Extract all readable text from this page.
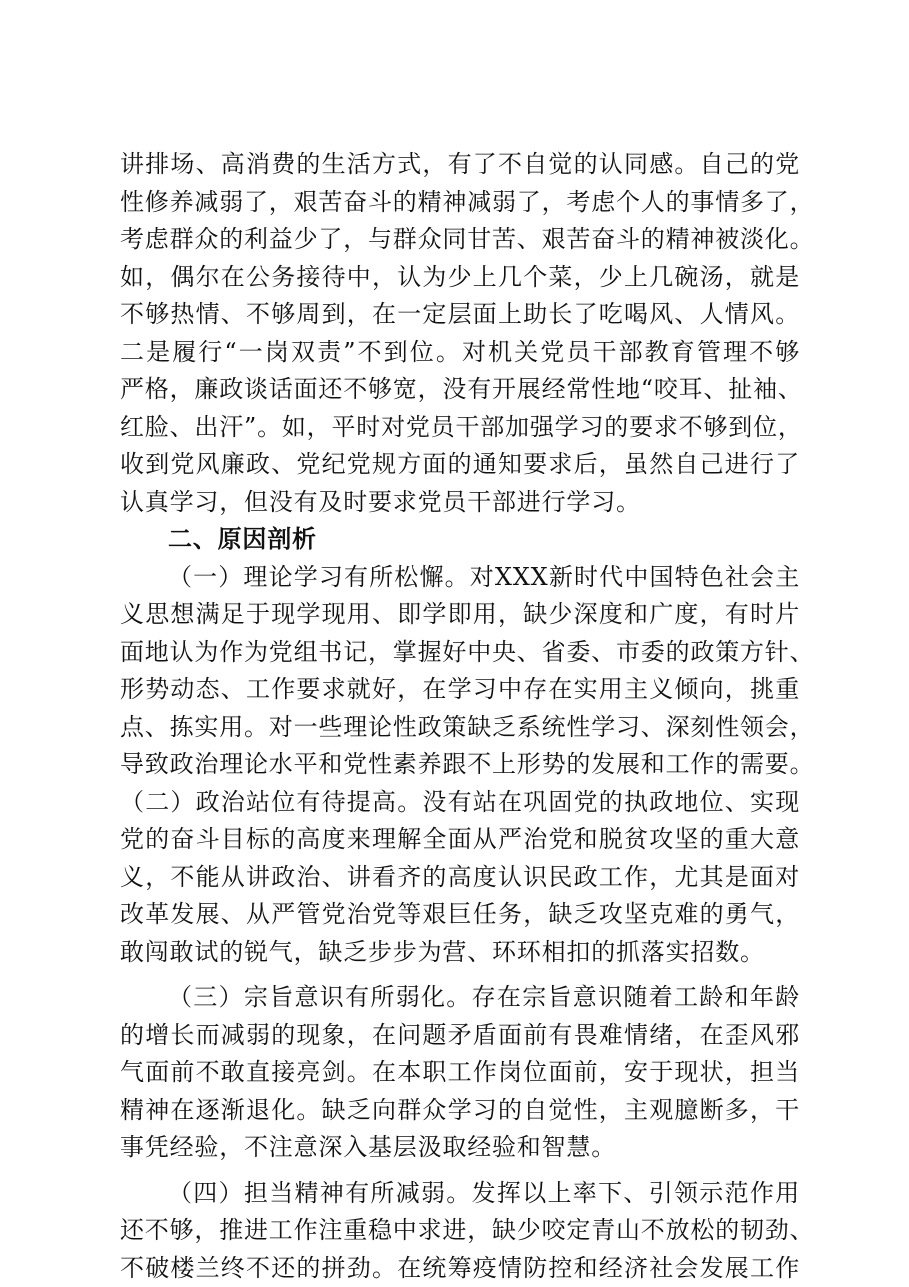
讲排场、高消费的生活方式，有了不自觉的认同感。自己的党
性修养减弱了，艰苦奋斗的精神减弱了，考虑个人的事情多了，
考虑群众的利益少了，与群众同甘苦、艰苦奋斗的精神被淡化。
如，偶尔在公务接待中，认为少上几个菜，少上几碗汤，就是
不够热情、不够周到，在一定层面上助长了吃喝风、人情风。
二是履行“一岗双责”不到位。对机关党员干部教育管理不够
严格，廉政谈话面还不够宽，没有开展经常性地“咬耳、扯袖、
红脸、出汗”。如，平时对党员干部加强学习的要求不够到位，
收到党风廉政、党纪党规方面的通知要求后，虽然自己进行了
认真学习，但没有及时要求党员干部进行学习。
二、原因剖析
（一）理论学习有所松懈。对XXX新时代中国特色社会主
义思想满足于现学现用、即学即用，缺少深度和广度，有时片
面地认为作为党组书记，掌握好中央、省委、市委的政策方针、
形势动态、工作要求就好，在学习中存在实用主义倾向，挑重
点、拣实用。对一些理论性政策缺乏系统性学习、深刻性领会，
导致政治理论水平和党性素养跟不上形势的发展和工作的需要。
（二）政治站位有待提高。没有站在巩固党的执政地位、实现
党的奋斗目标的高度来理解全面从严治党和脱贫攻坚的重大意
义，不能从讲政治、讲看齐的高度认识民政工作，尤其是面对
改革发展、从严管党治党等艰巨任务，缺乏攻坚克难的勇气，
敢闯敢试的锐气，缺乏步步为营、环环相扣的抓落实招数。
（三）宗旨意识有所弱化。存在宗旨意识随着工龄和年龄
的增长而减弱的现象，在问题矛盾面前有畏难情绪，在歪风邪
气面前不敢直接亮剑。在本职工作岗位面前，安于现状，担当
精神在逐渐退化。缺乏向群众学习的自觉性，主观臆断多，干
事凭经验，不注意深入基层汲取经验和智慧。
（四）担当精神有所减弱。发挥以上率下、引领示范作用
还不够，推进工作注重稳中求进，缺少咬定青山不放松的韧劲、
不破楼兰终不还的拼劲。在统筹疫情防控和经济社会发展工作
